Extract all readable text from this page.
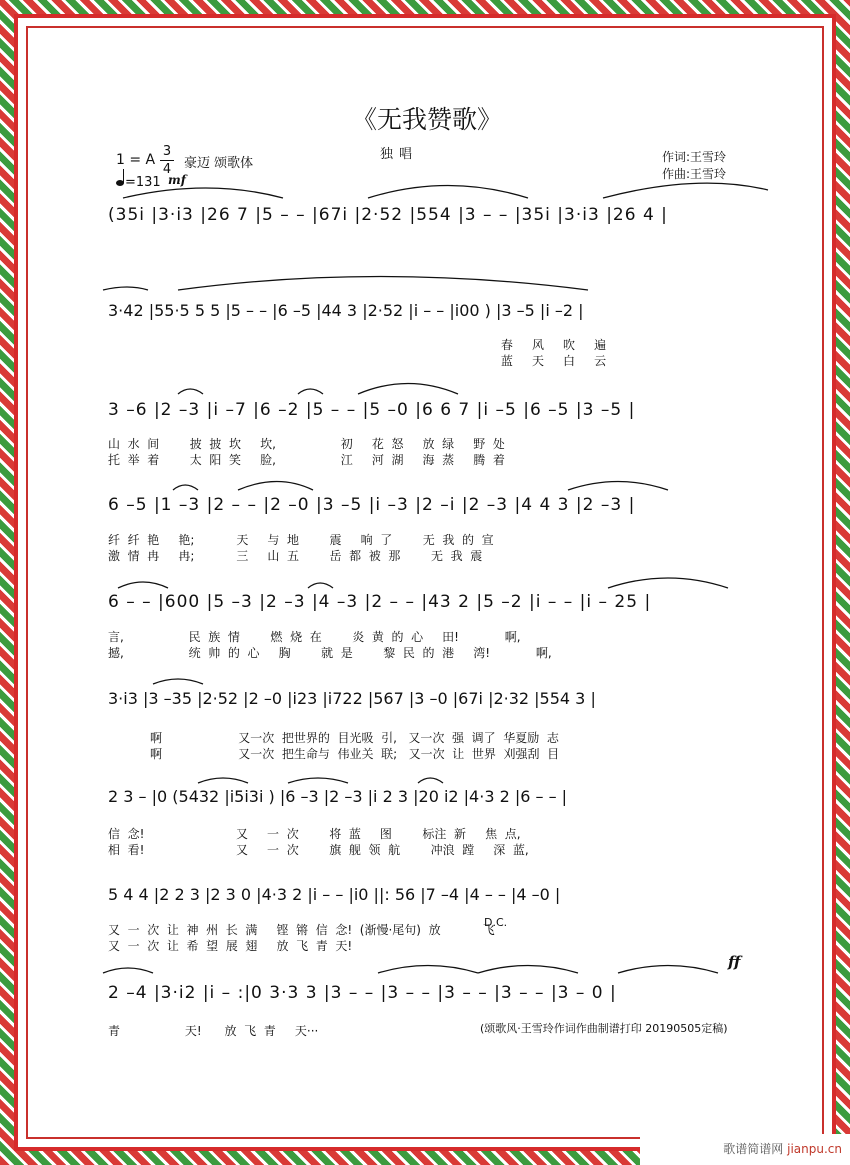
《无我赞歌》
独唱
1 = A
3
4 豪迈 颂歌体
=131 mf
作词:王雪玲
作曲:王雪玲
(35i |3·i3 |26 7 |5 – – |67i |2·52 |554 |3 – – |35i |3·i3 |26 4 |
3·42 |55·5 5 5 |5 – – |6 –5 |44 3 |2·52 |i – – |i00 ) |3 –5 |i –2 |
春     风     吹     遍
蓝     天     白     云
3 –6 |2 –3 |i –7 |6 –2 |5 – – |5 –0 |6 6 7 |i –5 |6 –5 |3 –5 |
山  水  间        披  披  坎     坎,                 初     花  怒     放  绿     野  处
托  举  着        太  阳  笑     脸,                 江     河  湖     海  蒸     腾  着
6 –5 |1 –3 |2 – – |2 –0 |3 –5 |i –3 |2 –i |2 –3 |4 4 3 |2 –3 |
纤  纤  艳     艳;           天     与  地        震     响  了        无  我  的  宣
激  情  冉     冉;           三     山  五        岳  都  被  那        无  我  震
6 – – |600 |5 –3 |2 –3 |4 –3 |2 – – |43 2 |5 –2 |i – – |i – 25 |
言,                 民  族  情        燃  烧  在        炎  黄  的  心     田!            啊,
撼,                 统  帅  的  心     胸        就  是        黎  民  的  港     湾!            啊,
3·i3 |3 –35 |2·52 |2 –0 |i23 |i722 |567 |3 –0 |67i |2·32 |554 3 |
啊                    又一次  把世界的  目光吸  引,   又一次  强  调了  华夏励  志
啊                    又一次  把生命与  伟业关  联;   又一次  让  世界  刈强刮  目
2 3 – |0 (5432 |i5i3i ) |6 –3 |2 –3 |i 2 3 |20 i2 |4·3 2 |6 – – |
信  念!                        又     一  次        将  蓝     图        标注  新     焦  点,
相  看!                        又     一  次        旗  舰  领  航        冲浪  蹚     深  蓝,
5 4 4 |2 2 3 |2 3 0 |4·3 2 |i – – |i0 ||: 56 |7 –4 |4 – – |4 –0 |
D.C.
又  一  次  让  神  州  长  满     铿  锵  信  念!  (渐慢·尾句)  放           飞
又  一  次  让  希  望  展  翅     放  飞  青  天!
ff
2 –4 |3·i2 |i – :|0 3·3 3 |3 – – |3 – – |3 – – |3 – – |3 – 0 |
青                 天!      放  飞  青     天···	(颂歌风·王雪玲作词作曲制谱打印 20190505定稿)
歌谱简谱网 jianpu.cn
